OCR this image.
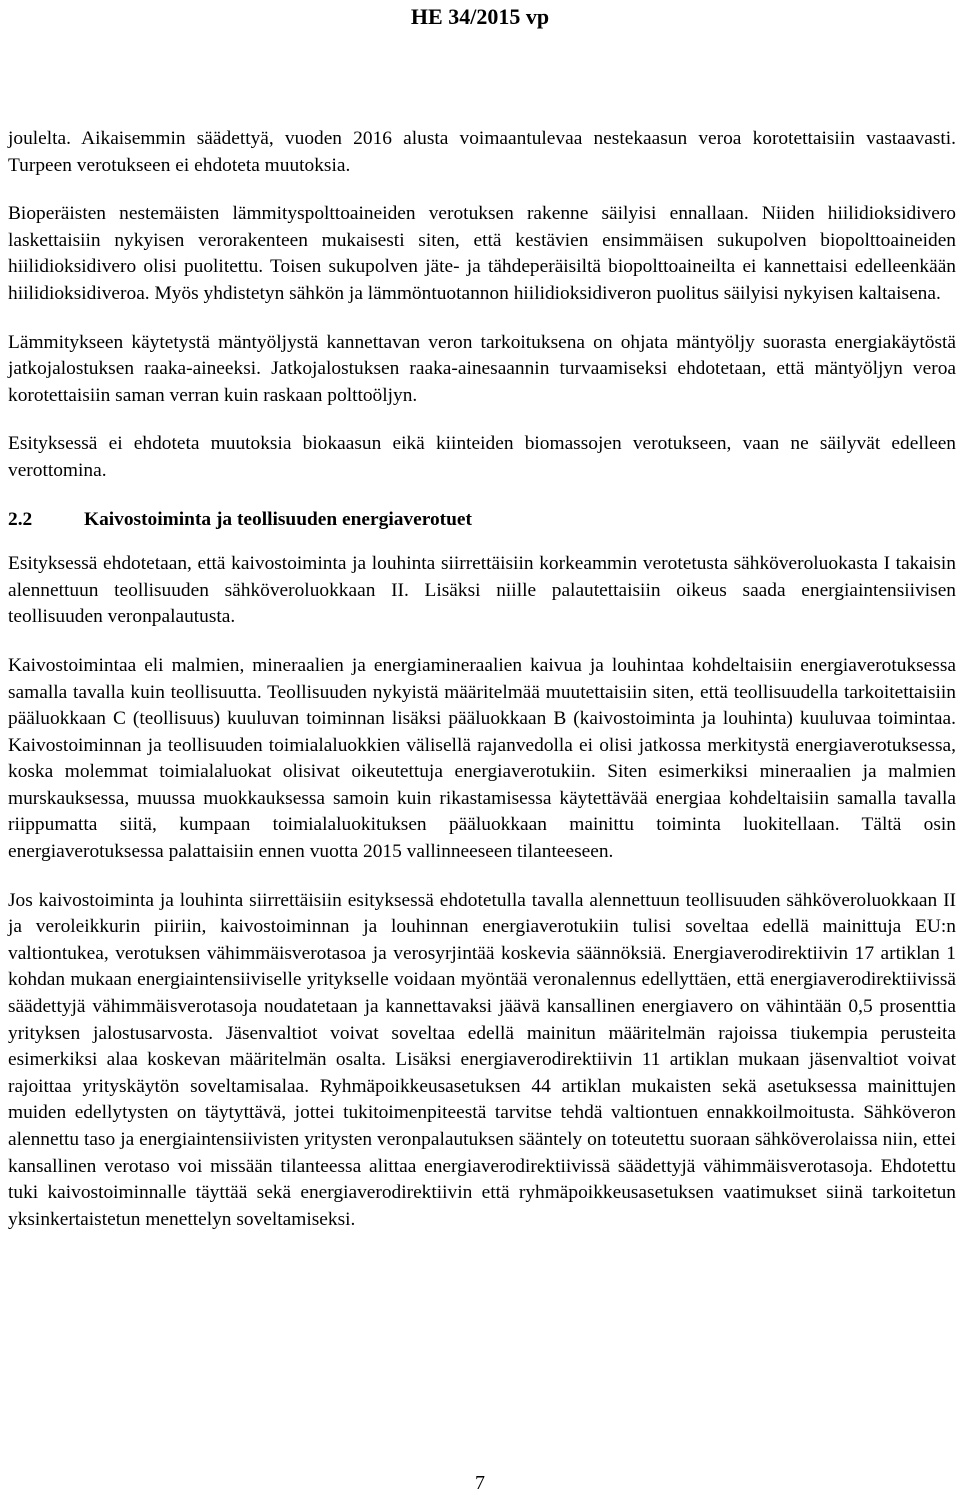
HE 34/2015 vp

joulelta. Aikaisemmin säädettyä, vuoden 2016 alusta voimaantulevaa nestekaasun veroa korotettaisiin vastaavasti. Turpeen verotukseen ei ehdoteta muutoksia.

Bioperäisten nestemäisten lämmityspolttoaineiden verotuksen rakenne säilyisi ennallaan. Niiden hiilidioksidivero laskettaisiin nykyisen verorakenteen mukaisesti siten, että kestävien ensimmäisen sukupolven biopolttoaineiden hiilidioksidivero olisi puolitettu. Toisen sukupolven jäte- ja tähdeperäisiltä biopolttoaineilta ei kannettaisi edelleenkään hiilidioksidiveroa. Myös yhdistetyn sähkön ja lämmöntuotannon hiilidioksidiveron puolitus säilyisi nykyisen kaltaisena.

Lämmitykseen käytetystä mäntyöljystä kannettavan veron tarkoituksena on ohjata mäntyöljy suorasta energiakäytöstä jatkojalostuksen raaka-aineeksi. Jatkojalostuksen raaka-ainesaannin turvaamiseksi ehdotetaan, että mäntyöljyn veroa korotettaisiin saman verran kuin raskaan polttoöljyn.

Esityksessä ei ehdoteta muutoksia biokaasun eikä kiinteiden biomassojen verotukseen, vaan ne säilyvät edelleen verottomina.

2.2	Kaivostoiminta ja teollisuuden energiaverotuet

Esityksessä ehdotetaan, että kaivostoiminta ja louhinta siirrettäisiin korkeammin verotetusta sähköveroluokasta I takaisin alennettuun teollisuuden sähköveroluokkaan II. Lisäksi niille palautettaisiin oikeus saada energiaintensiivisen teollisuuden veronpalautusta.

Kaivostoimintaa eli malmien, mineraalien ja energiamineraalien kaivua ja louhintaa kohdeltaisiin energiaverotuksessa samalla tavalla kuin teollisuutta. Teollisuuden nykyistä määritelmää muutettaisiin siten, että teollisuudella tarkoitettaisiin pääluokkaan C (teollisuus) kuuluvan toiminnan lisäksi pääluokkaan B (kaivostoiminta ja louhinta) kuuluvaa toimintaa. Kaivostoiminnan ja teollisuuden toimialaluokkien välisellä rajanvedolla ei olisi jatkossa merkitystä energiaverotuksessa, koska molemmat toimialaluokat olisivat oikeutettuja energiaverotukiin. Siten esimerkiksi mineraalien ja malmien murskauksessa, muussa muokkauksessa samoin kuin rikastamisessa käytettävää energiaa kohdeltaisiin samalla tavalla riippumatta siitä, kumpaan toimialaluokituksen pääluokkaan mainittu toiminta luokitellaan. Tältä osin energiaverotuksessa palattaisiin ennen vuotta 2015 vallinneeseen tilanteeseen.

Jos kaivostoiminta ja louhinta siirrettäisiin esityksessä ehdotetulla tavalla alennettuun teollisuuden sähköveroluokkaan II ja veroleikkurin piiriin, kaivostoiminnan ja louhinnan energiaverotukiin tulisi soveltaa edellä mainittuja EU:n valtiontukea, verotuksen vähimmäisverotasoa ja verosyrjintää koskevia säännöksiä. Energiaverodirektiivin 17 artiklan 1 kohdan mukaan energiaintensiiviselle yritykselle voidaan myöntää veronalennus edellyttäen, että energiaverodirektiivissä säädettyjä vähimmäisverotasoja noudatetaan ja kannettavaksi jäävä kansallinen energiavero on vähintään 0,5 prosenttia yrityksen jalostusarvosta. Jäsenvaltiot voivat soveltaa edellä mainitun määritelmän rajoissa tiukempia perusteita esimerkiksi alaa koskevan määritelmän osalta. Lisäksi energiaverodirektiivin 11 artiklan mukaan jäsenvaltiot voivat rajoittaa yrityskäytön soveltamisalaa. Ryhmäpoikkeusasetuksen 44 artiklan mukaisten sekä asetuksessa mainittujen muiden edellytysten on täytyttävä, jottei tukitoimenpiteestä tarvitse tehdä valtiontuen ennakkoilmoitusta. Sähköveron alennettu taso ja energiaintensiivisten yritysten veronpalautuksen sääntely on toteutettu suoraan sähköverolaissa niin, ettei kansallinen verotaso voi missään tilanteessa alittaa energiaverodirektiivissä säädettyjä vähimmäisverotasoja. Ehdotettu tuki kaivostoiminnalle täyttää sekä energiaverodirektiivin että ryhmäpoikkeusasetuksen vaatimukset siinä tarkoitetun yksinkertaistetun menettelyn soveltamiseksi.

7
